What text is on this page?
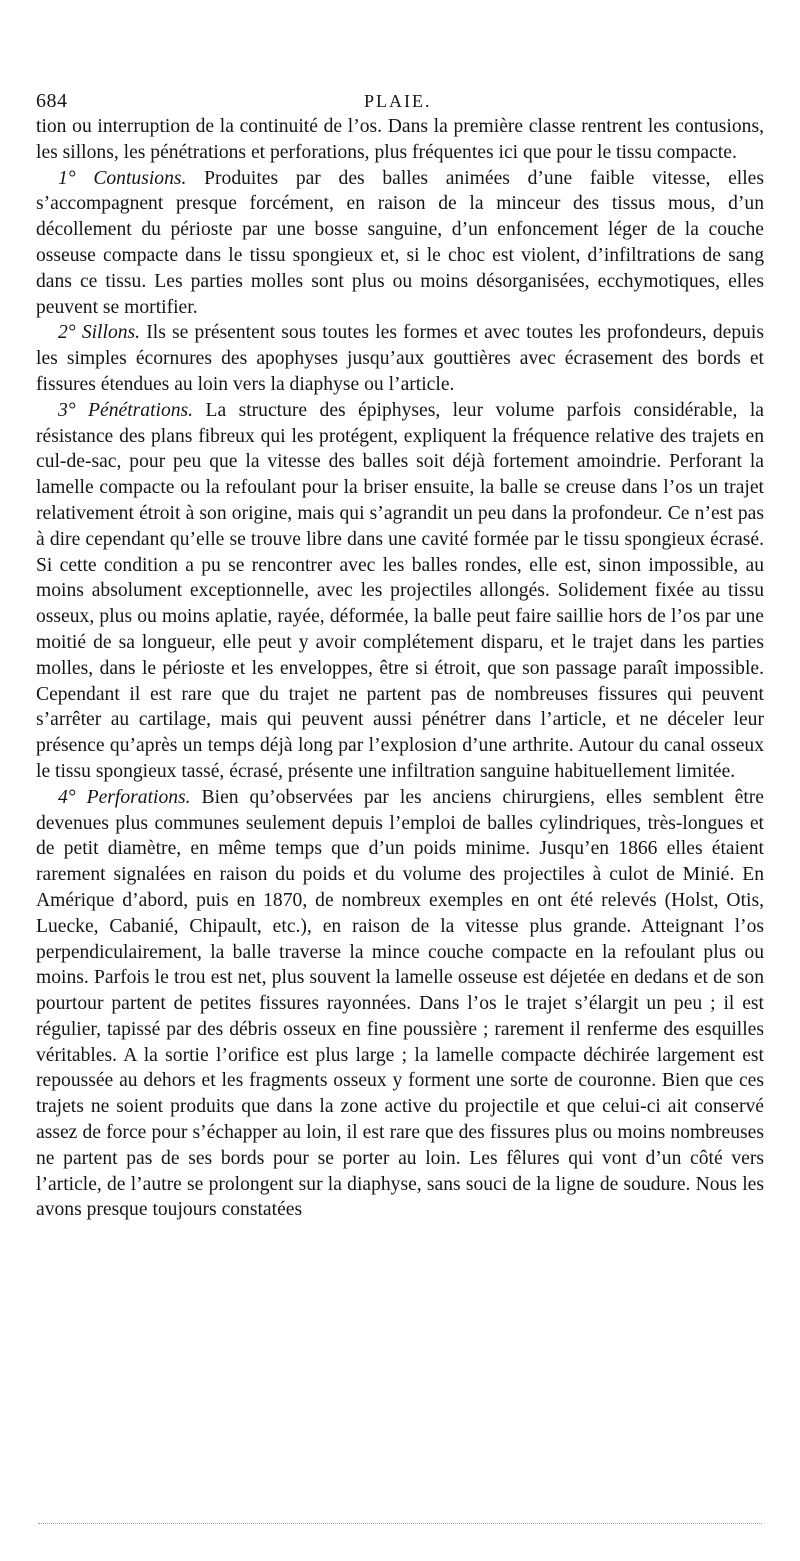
684	PLAIE.

tion ou interruption de la continuité de l’os. Dans la première classe rentrent les contusions, les sillons, les pénétrations et perforations, plus fréquentes ici que pour le tissu compacte.

1° Contusions. Produites par des balles animées d’une faible vitesse, elles s’accompagnent presque forcément, en raison de la minceur des tissus mous, d’un décollement du périoste par une bosse sanguine, d’un enfoncement léger de la couche osseuse compacte dans le tissu spongieux et, si le choc est violent, d’infiltrations de sang dans ce tissu. Les parties molles sont plus ou moins désorganisées, ecchymotiques, elles peuvent se mortifier.

2° Sillons. Ils se présentent sous toutes les formes et avec toutes les profondeurs, depuis les simples écornures des apophyses jusqu’aux gouttières avec écrasement des bords et fissures étendues au loin vers la diaphyse ou l’article.

3° Pénétrations. La structure des épiphyses, leur volume parfois considérable, la résistance des plans fibreux qui les protégent, expliquent la fréquence relative des trajets en cul-de-sac, pour peu que la vitesse des balles soit déjà fortement amoindrie. Perforant la lamelle compacte ou la refoulant pour la briser ensuite, la balle se creuse dans l’os un trajet relativement étroit à son origine, mais qui s’agrandit un peu dans la profondeur. Ce n’est pas à dire cependant qu’elle se trouve libre dans une cavité formée par le tissu spongieux écrasé. Si cette condition a pu se rencontrer avec les balles rondes, elle est, sinon impossible, au moins absolument exceptionnelle, avec les projectiles allongés. Solidement fixée au tissu osseux, plus ou moins aplatie, rayée, déformée, la balle peut faire saillie hors de l’os par une moitié de sa longueur, elle peut y avoir complétement disparu, et le trajet dans les parties molles, dans le périoste et les enveloppes, être si étroit, que son passage paraît impossible. Cependant il est rare que du trajet ne partent pas de nombreuses fissures qui peuvent s’arrêter au cartilage, mais qui peuvent aussi pénétrer dans l’article, et ne déceler leur présence qu’après un temps déjà long par l’explosion d’une arthrite. Autour du canal osseux le tissu spongieux tassé, écrasé, présente une infiltration sanguine habituellement limitée.

4° Perforations. Bien qu’observées par les anciens chirurgiens, elles semblent être devenues plus communes seulement depuis l’emploi de balles cylindriques, très-longues et de petit diamètre, en même temps que d’un poids minime. Jusqu’en 1866 elles étaient rarement signalées en raison du poids et du volume des projectiles à culot de Minié. En Amérique d’abord, puis en 1870, de nombreux exemples en ont été relevés (Holst, Otis, Luecke, Cabanié, Chipault, etc.), en raison de la vitesse plus grande. Atteignant l’os perpendiculairement, la balle traverse la mince couche compacte en la refoulant plus ou moins. Parfois le trou est net, plus souvent la lamelle osseuse est déjetée en dedans et de son pourtour partent de petites fissures rayonnées. Dans l’os le trajet s’élargit un peu ; il est régulier, tapissé par des débris osseux en fine poussière ; rarement il renferme des esquilles véritables. A la sortie l’orifice est plus large ; la lamelle compacte déchirée largement est repoussée au dehors et les fragments osseux y forment une sorte de couronne. Bien que ces trajets ne soient produits que dans la zone active du projectile et que celui-ci ait conservé assez de force pour s’échapper au loin, il est rare que des fissures plus ou moins nombreuses ne partent pas de ses bords pour se porter au loin. Les fêlures qui vont d’un côté vers l’article, de l’autre se prolongent sur la diaphyse, sans souci de la ligne de soudure. Nous les avons presque toujours constatées
